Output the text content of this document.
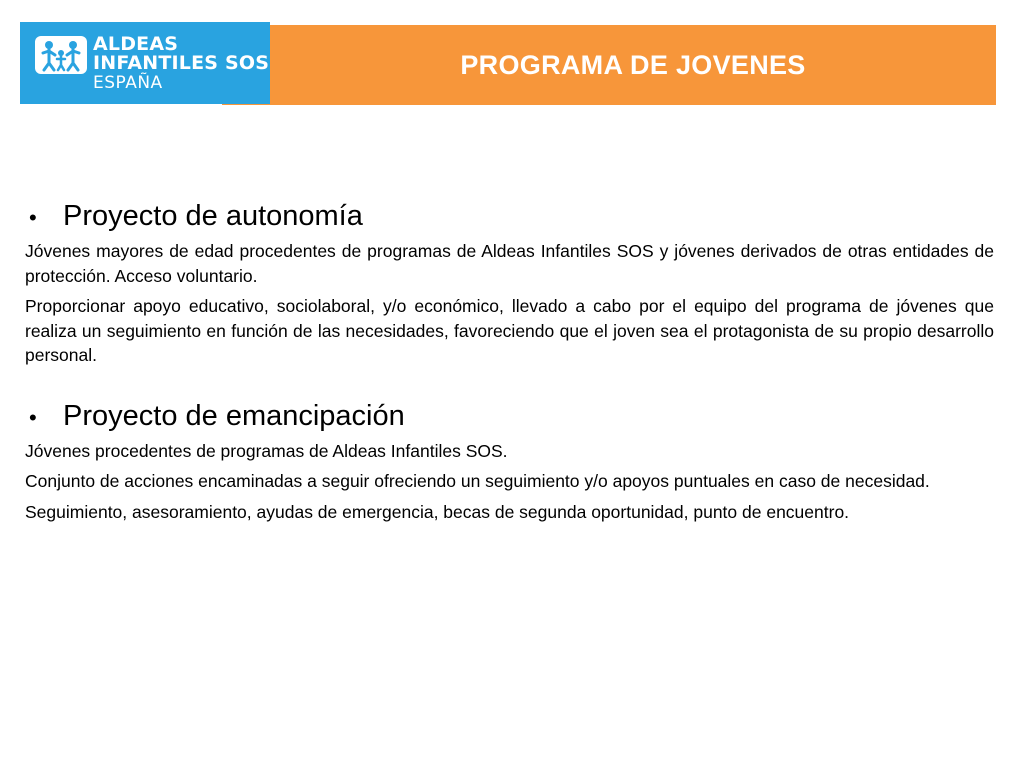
PROGRAMA DE JOVENES
ALDEAS
INFANTILES SOS
ESPAÑA
• Proyecto de autonomía

Jóvenes mayores de edad procedentes de programas de Aldeas Infantiles SOS y jóvenes derivados de otras entidades de protección. Acceso voluntario.

Proporcionar apoyo educativo, sociolaboral, y/o económico, llevado a cabo por el equipo del programa de jóvenes que realiza un seguimiento en función de las necesidades, favoreciendo que el joven sea el protagonista de su propio desarrollo personal.

• Proyecto de emancipación

Jóvenes procedentes de programas de Aldeas Infantiles SOS.

Conjunto de acciones encaminadas a seguir ofreciendo un seguimiento y/o apoyos puntuales en caso de necesidad.

Seguimiento, asesoramiento, ayudas de emergencia, becas de segunda oportunidad, punto de encuentro.
